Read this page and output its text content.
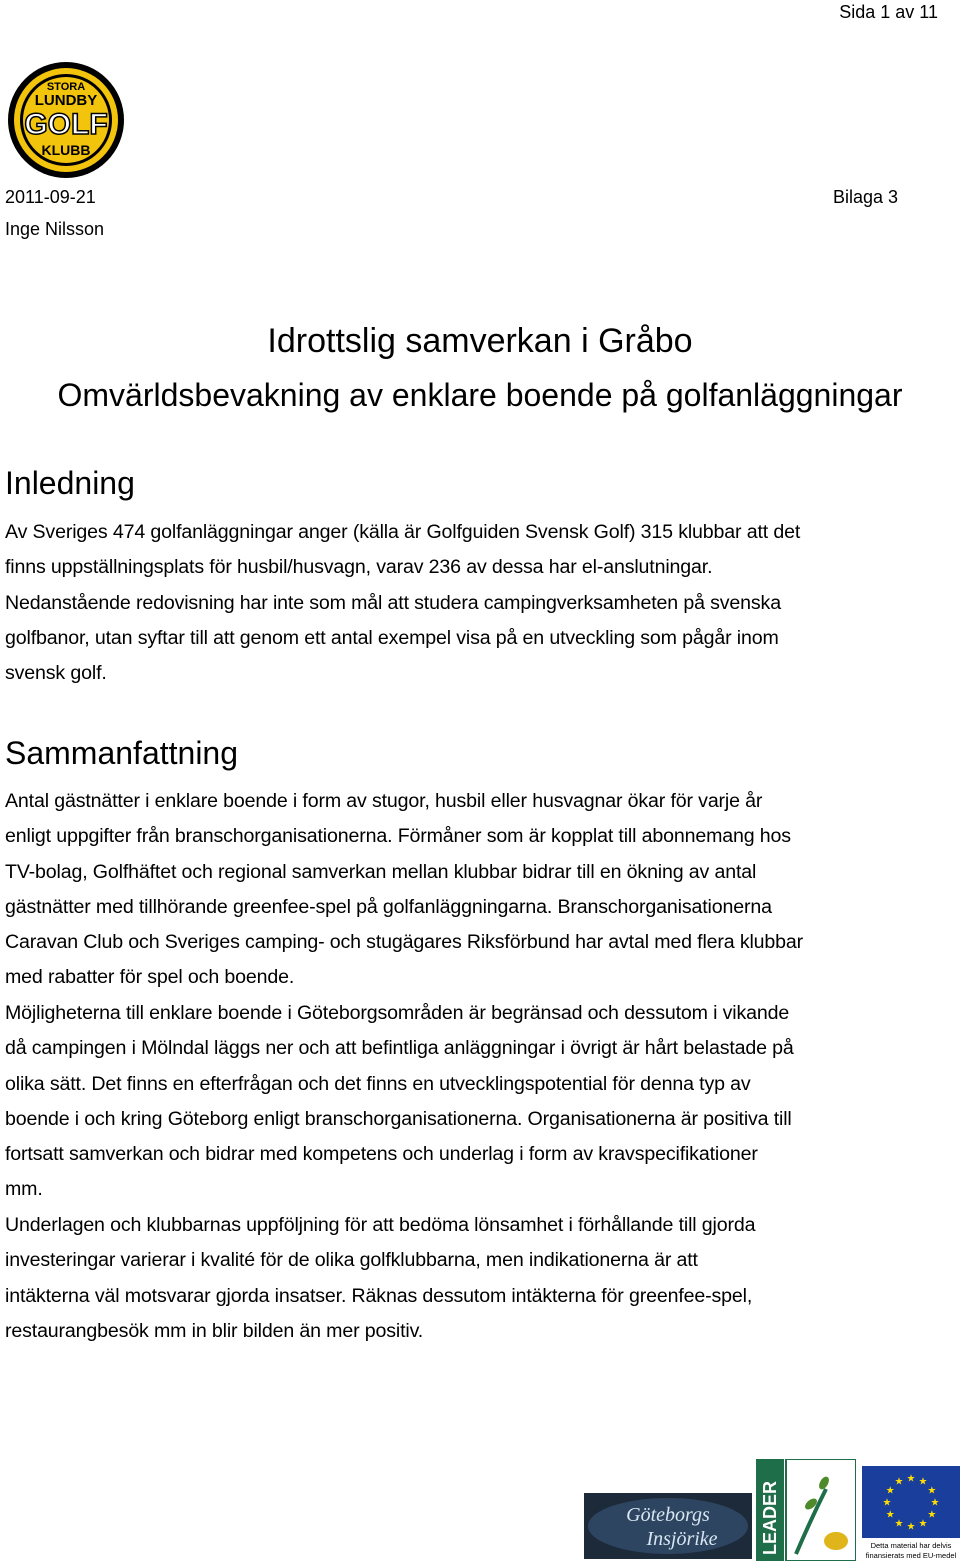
Sida 1 av 11
STORA
LUNDBY
GOLF
KLUBB
2011-09-21
Inge Nilsson
Bilaga 3
Idrottslig samverkan i Gråbo
Omvärldsbevakning av enklare boende på golfanläggningar
Inledning

Av Sveriges 474 golfanläggningar anger (källa är Golfguiden Svensk Golf) 315 klubbar att det
finns uppställningsplats för husbil/husvagn, varav 236 av dessa har el-anslutningar.
Nedanstående redovisning har inte som mål att studera campingverksamheten på svenska
golfbanor, utan syftar till att genom ett antal exempel visa på en utveckling som pågår inom
svensk golf.

Sammanfattning

Antal gästnätter i enklare boende i form av stugor, husbil eller husvagnar ökar för varje år
enligt uppgifter från branschorganisationerna. Förmåner som är kopplat till abonnemang hos
TV-bolag, Golfhäftet och regional samverkan mellan klubbar bidrar till en ökning av antal
gästnätter med tillhörande greenfee-spel på golfanläggningarna. Branschorganisationerna
Caravan Club och Sveriges camping- och stugägares Riksförbund har avtal med flera klubbar
med rabatter för spel och boende.

Möjligheterna till enklare boende i Göteborgsområden är begränsad och dessutom i vikande
då campingen i Mölndal läggs ner och att befintliga anläggningar i övrigt är hårt belastade på
olika sätt. Det finns en efterfrågan och det finns en utvecklingspotential för denna typ av
boende i och kring Göteborg enligt branschorganisationerna. Organisationerna är positiva till
fortsatt samverkan och bidrar med kompetens och underlag i form av kravspecifikationer
mm.

Underlagen och klubbarnas uppföljning för att bedöma lönsamhet i förhållande till gjorda
investeringar varierar i kvalité för de olika golfklubbarna, men indikationerna är att
intäkterna väl motsvarar gjorda insatser. Räknas dessutom intäkterna för greenfee-spel,
restaurangbesök mm in blir bilden än mer positiv.

Göteborgs
Insjörike LEADER
★ ★
★
★
★
★
★
★
★
★
★
★
Detta material har delvis
finansierats med EU-medel
